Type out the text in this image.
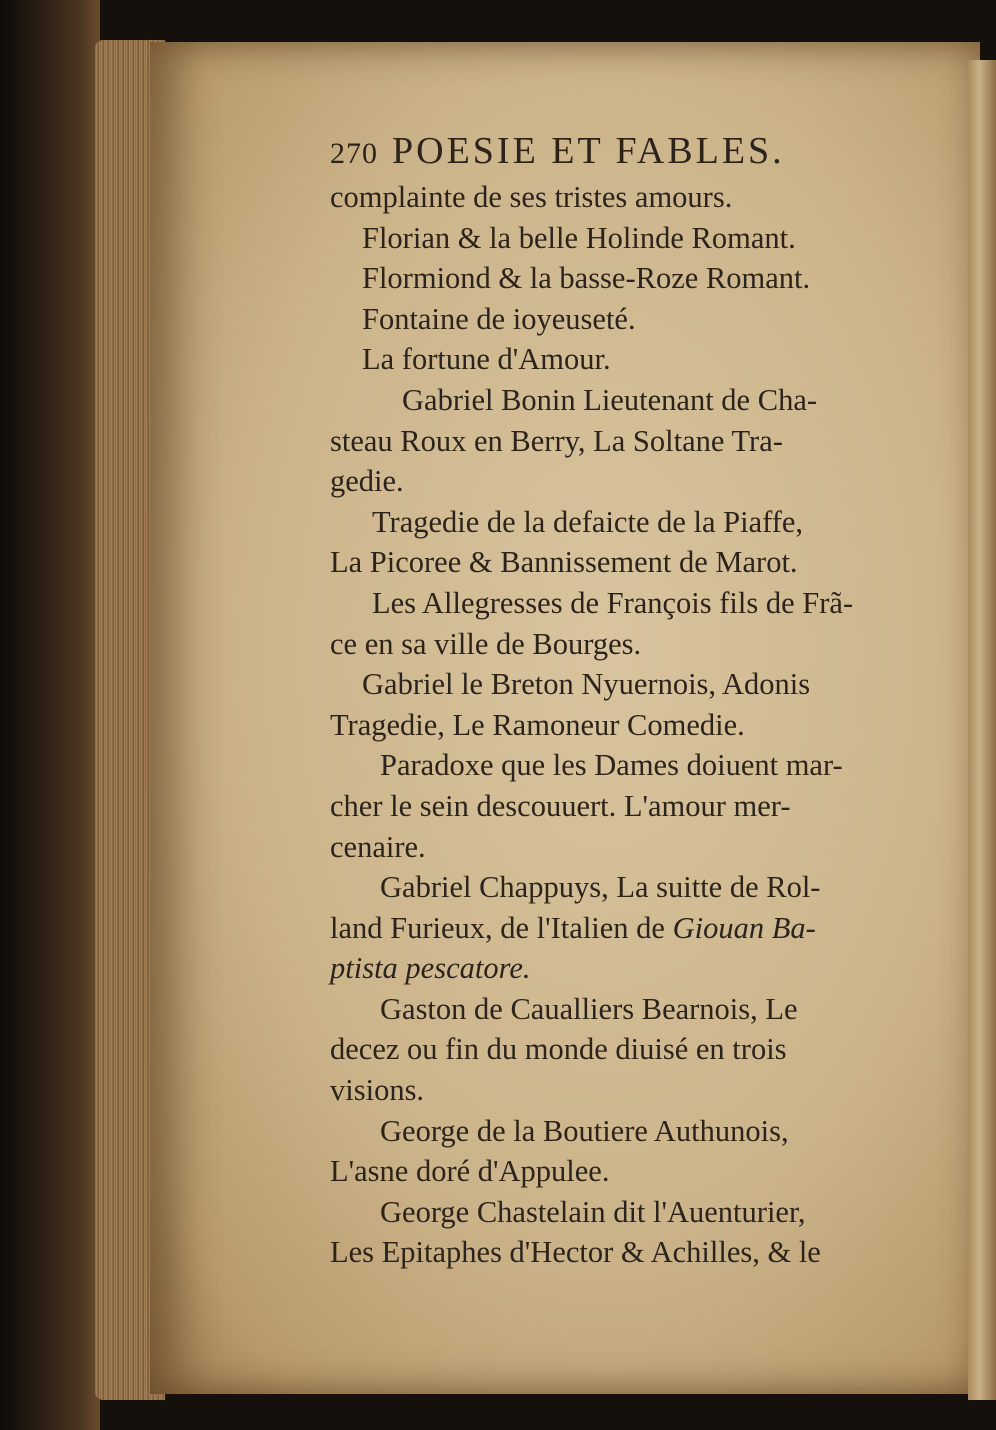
270 POESIE ET FABLES.
complainte de ses tristes amours.
Florian & la belle Holinde Romant.
Flormiond & la basse-Roze Romant.
Fontaine de ioyeuseté.
La fortune d'Amour.
Gabriel Bonin Lieutenant de Cha-
steau Roux en Berry, La Soltane Tra-
gedie.
Tragedie de la defaicte de la Piaffe,
La Picoree & Bannissement de Marot.
Les Allegresses de François fils de Frã-
ce en sa ville de Bourges.
Gabriel le Breton Nyuernois, Adonis
Tragedie, Le Ramoneur Comedie.
Paradoxe que les Dames doiuent mar-
cher le sein descouuert. L'amour mer-
cenaire.
Gabriel Chappuys, La suitte de Rol-
land Furieux, de l'Italien de Giouan Ba-
ptista pescatore.
Gaston de Caualliers Bearnois, Le
decez ou fin du monde diuisé en trois
visions.
George de la Boutiere Authunois,
L'asne doré d'Appulee.
George Chastelain dit l'Auenturier,
Les Epitaphes d'Hector & Achilles, & le
